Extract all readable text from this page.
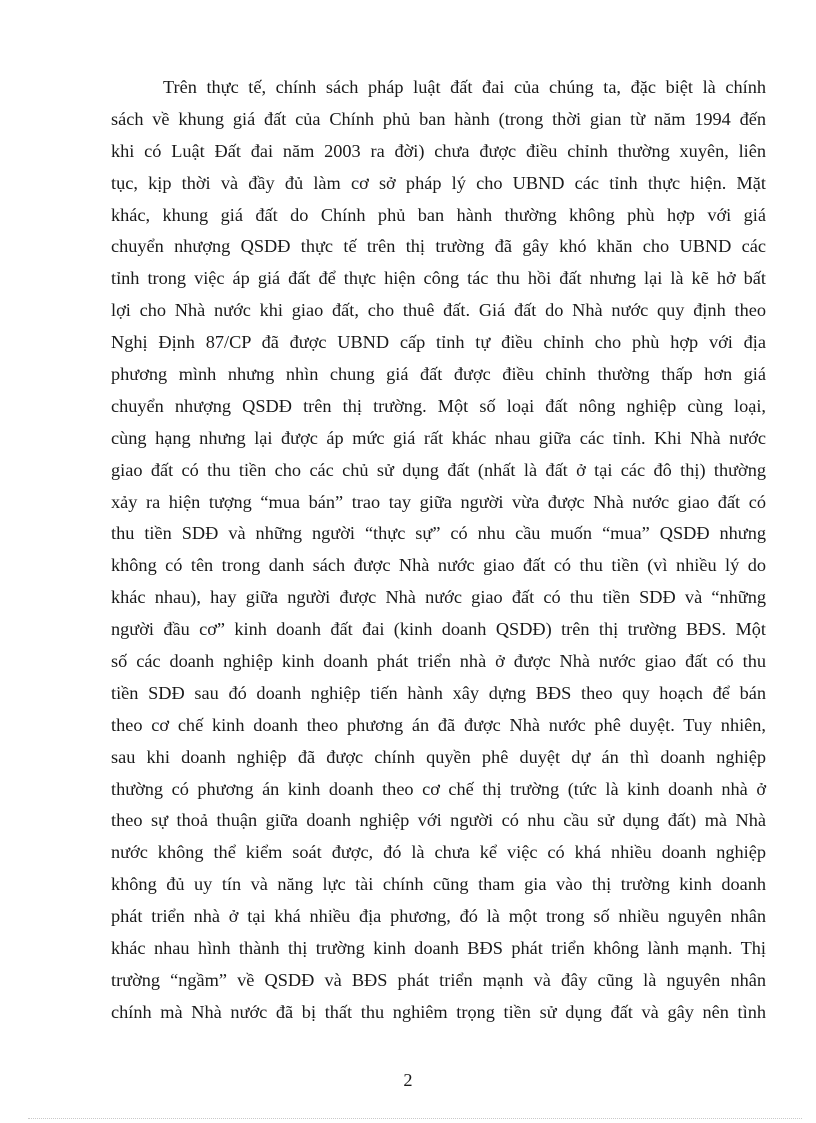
Trên thực tế, chính sách pháp luật đất đai của chúng ta, đặc biệt là chính
sách về khung giá đất của Chính phủ ban hành (trong thời gian từ năm 1994 đến
khi có Luật Đất đai năm 2003 ra đời) chưa được điều chỉnh thường xuyên, liên
tục, kịp thời và đầy đủ làm cơ sở pháp lý cho UBND các tỉnh thực hiện. Mặt
khác, khung giá đất do Chính phủ ban hành thường không phù hợp với giá
chuyển nhượng QSDĐ thực tế trên thị trường đã gây khó khăn cho UBND các
tỉnh trong việc áp giá đất để thực hiện công tác thu hồi đất nhưng lại là kẽ hở bất
lợi cho Nhà nước khi giao đất, cho thuê đất. Giá đất do Nhà nước quy định theo
Nghị Định 87/CP đã được UBND cấp tỉnh tự điều chỉnh cho phù hợp với địa
phương mình nhưng nhìn chung giá đất được điều chỉnh thường thấp hơn giá
chuyển nhượng QSDĐ trên thị trường. Một số loại đất nông nghiệp cùng loại,
cùng hạng nhưng lại được áp mức giá rất khác nhau giữa các tỉnh. Khi Nhà nước
giao đất có thu tiền cho các chủ sử dụng đất (nhất là đất ở tại các đô thị) thường
xảy ra hiện tượng “mua bán” trao tay giữa người vừa được Nhà nước giao đất có
thu tiền SDĐ và những người “thực sự” có nhu cầu muốn “mua” QSDĐ nhưng
không có tên trong danh sách được Nhà nước giao đất có thu tiền (vì nhiều lý do
khác nhau), hay giữa người được Nhà nước giao đất có thu tiền SDĐ và “những
người đầu cơ” kinh doanh đất đai (kinh doanh QSDĐ) trên thị trường BĐS. Một
số các doanh nghiệp kinh doanh phát triển nhà ở được Nhà nước giao đất có thu
tiền SDĐ sau đó doanh nghiệp tiến hành xây dựng BĐS theo quy hoạch để bán
theo cơ chế kinh doanh theo phương án đã được Nhà nước phê duyệt. Tuy nhiên,
sau khi doanh nghiệp đã được chính quyền phê duyệt dự án thì doanh nghiệp
thường có phương án kinh doanh theo cơ chế thị trường (tức là kinh doanh nhà ở
theo sự thoả thuận giữa doanh nghiệp với người có nhu cầu sử dụng đất) mà Nhà
nước không thể kiểm soát được, đó là chưa kể việc có khá nhiều doanh nghiệp
không đủ uy tín và năng lực tài chính cũng tham gia vào thị trường kinh doanh
phát triển nhà ở tại khá nhiều địa phương, đó là một trong số nhiều nguyên nhân
khác nhau hình thành thị trường kinh doanh BĐS phát triển không lành mạnh. Thị
trường “ngầm” về QSDĐ và BĐS phát triển mạnh và đây cũng là nguyên nhân
chính mà Nhà nước đã bị thất thu nghiêm trọng tiền sử dụng đất và gây nên tình
2
